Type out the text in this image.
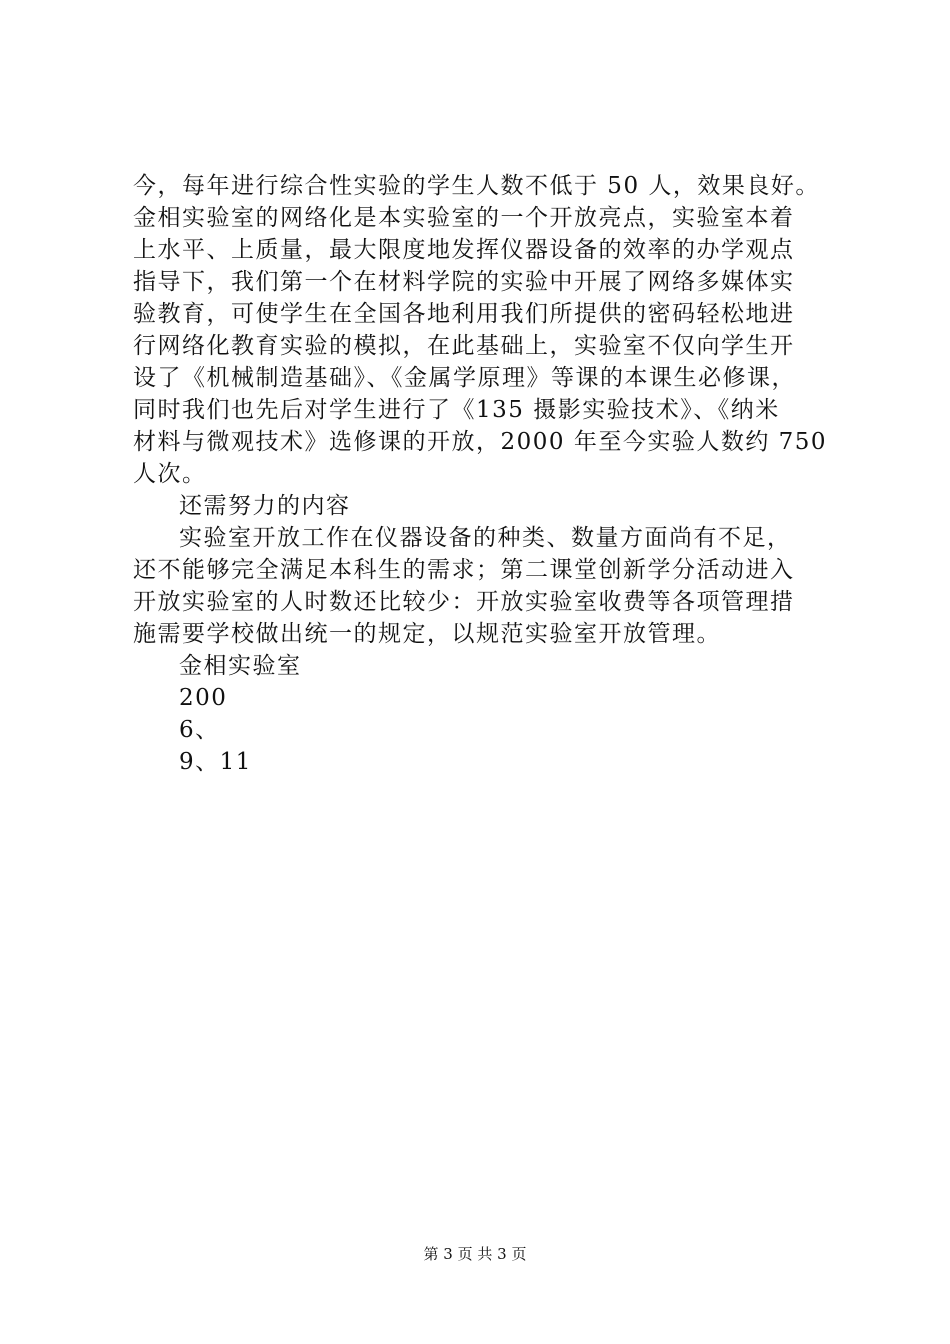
今，每年进行综合性实验的学生人数不低于 50 人，效果良好。
金相实验室的网络化是本实验室的一个开放亮点，实验室本着
上水平、上质量，最大限度地发挥仪器设备的效率的办学观点
指导下，我们第一个在材料学院的实验中开展了网络多媒体实
验教育，可使学生在全国各地利用我们所提供的密码轻松地进
行网络化教育实验的模拟，在此基础上，实验室不仅向学生开
设了《机械制造基础》、《金属学原理》等课的本课生必修课，
同时我们也先后对学生进行了《135 摄影实验技术》、《纳米
材料与微观技术》选修课的开放，2000 年至今实验人数约 750
人次。
还需努力的内容
实验室开放工作在仪器设备的种类、数量方面尚有不足，
还不能够完全满足本科生的需求；第二课堂创新学分活动进入
开放实验室的人时数还比较少：开放实验室收费等各项管理措
施需要学校做出统一的规定，以规范实验室开放管理。
金相实验室
200
6、
9、11
第 3 页 共 3 页
